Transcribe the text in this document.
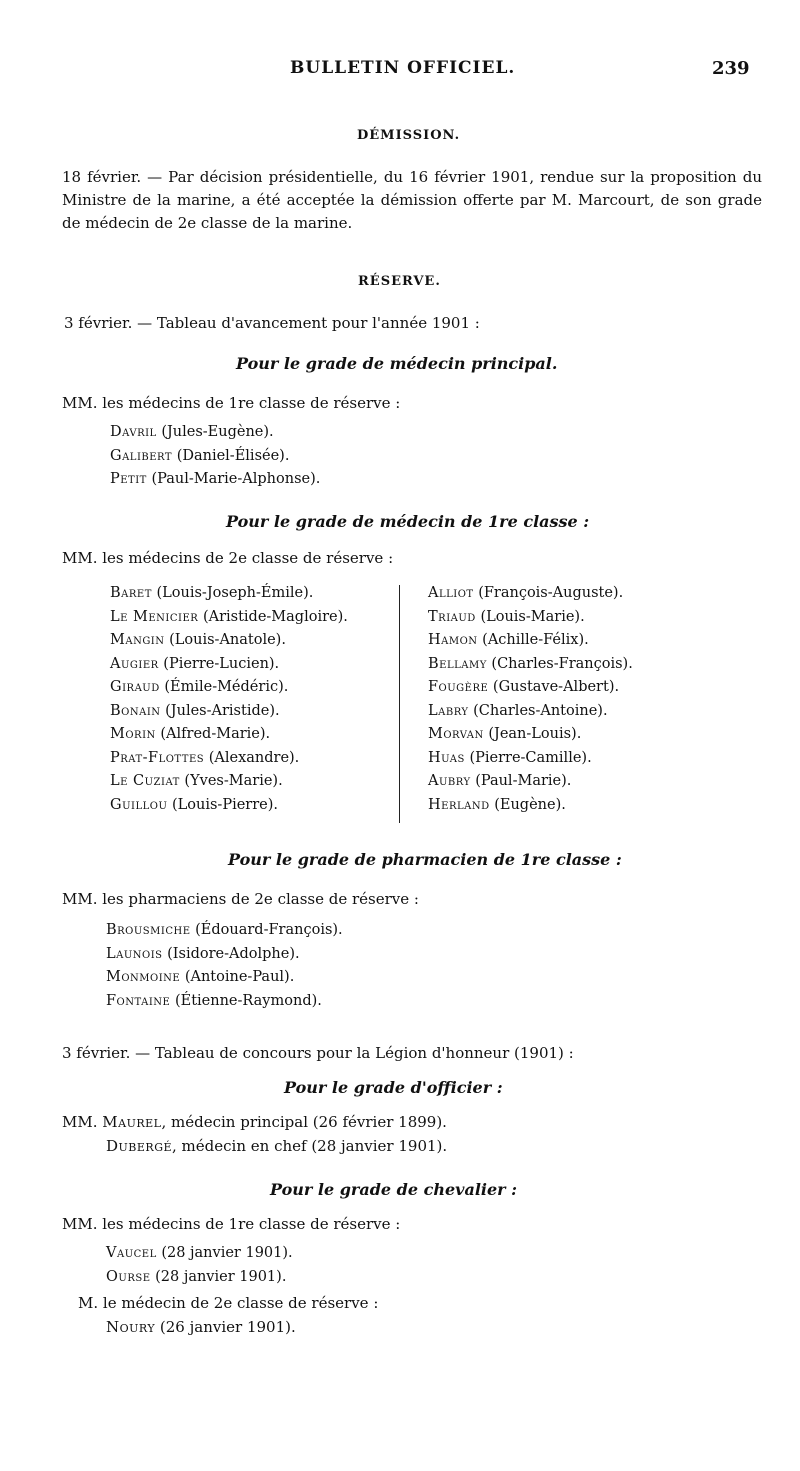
BULLETIN OFFICIEL.	239
DÉMISSION.
18 février. — Par décision présidentielle, du 16 février 1901, rendue sur la proposition du Ministre de la marine, a été acceptée la démission offerte par M. Marcourt, de son grade de médecin de 2e classe de la marine.
RÉSERVE.
3 février. — Tableau d'avancement pour l'année 1901 :
Pour le grade de médecin principal.
MM. les médecins de 1re classe de réserve :
Davril (Jules-Eugène).
Galibert (Daniel-Élisée).
Petit (Paul-Marie-Alphonse).
Pour le grade de médecin de 1re classe :
MM. les médecins de 2e classe de réserve :
Baret (Louis-Joseph-Émile).
Le Menicier (Aristide-Magloire).
Mangin (Louis-Anatole).
Augier (Pierre-Lucien).
Giraud (Émile-Médéric).
Bonain (Jules-Aristide).
Morin (Alfred-Marie).
Prat-Flottes (Alexandre).
Le Cuziat (Yves-Marie).
Guillou (Louis-Pierre).
Alliot (François-Auguste).
Triaud (Louis-Marie).
Hamon (Achille-Félix).
Bellamy (Charles-François).
Fougère (Gustave-Albert).
Labry (Charles-Antoine).
Morvan (Jean-Louis).
Huas (Pierre-Camille).
Aubry (Paul-Marie).
Herland (Eugène).
Pour le grade de pharmacien de 1re classe :
MM. les pharmaciens de 2e classe de réserve :
Brousmiche (Édouard-François).
Launois (Isidore-Adolphe).
Monmoine (Antoine-Paul).
Fontaine (Étienne-Raymond).
3 février. — Tableau de concours pour la Légion d'honneur (1901) :
Pour le grade d'officier :
MM. Maurel, médecin principal (26 février 1899).
Dubergé, médecin en chef (28 janvier 1901).
Pour le grade de chevalier :
MM. les médecins de 1re classe de réserve :
Vaucel (28 janvier 1901).
Ourse (28 janvier 1901).
M. le médecin de 2e classe de réserve :
Noury (26 janvier 1901).
